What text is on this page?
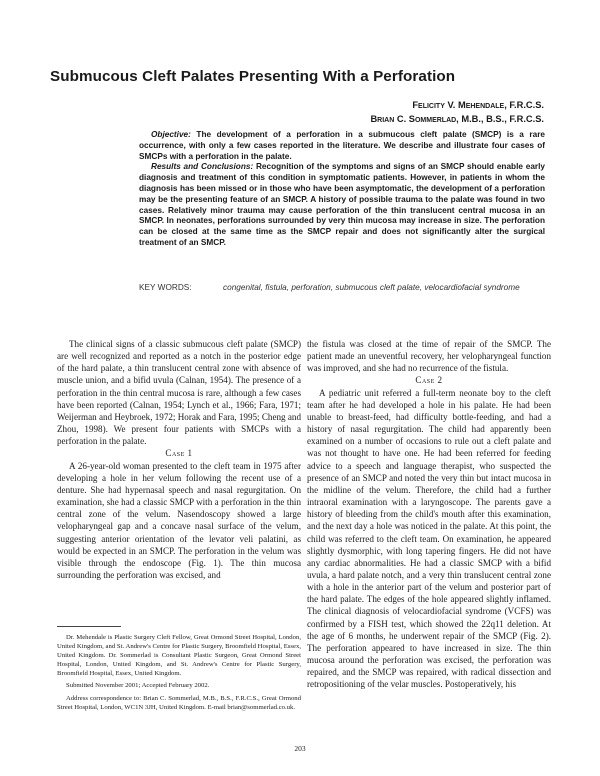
Submucous Cleft Palates Presenting With a Perforation
Felicity V. Mehendale, F.R.C.S.
Brian C. Sommerlad, M.B., B.S., F.R.C.S.

Objective: The development of a perforation in a submucous cleft palate (SMCP) is a rare occurrence, with only a few cases reported in the literature. We describe and illustrate four cases of SMCPs with a perforation in the palate.

Results and Conclusions: Recognition of the symptoms and signs of an SMCP should enable early diagnosis and treatment of this condition in symptomatic patients. However, in patients in whom the diagnosis has been missed or in those who have been asymptomatic, the development of a perforation may be the presenting feature of an SMCP. A history of possible trauma to the palate was found in two cases. Relatively minor trauma may cause perforation of the thin translucent central mucosa in an SMCP. In neonates, perforations surrounded by very thin mucosa may increase in size. The perforation can be closed at the same time as the SMCP repair and does not significantly alter the surgical treatment of an SMCP.

KEY WORDS:	congenital, fistula, perforation, submucous cleft palate, velocardiofacial syndrome

The clinical signs of a classic submucous cleft palate (SMCP) are well recognized and reported as a notch in the posterior edge of the hard palate, a thin translucent central zone with absence of muscle union, and a bifid uvula (Calnan, 1954). The presence of a perforation in the thin central mucosa is rare, although a few cases have been reported (Calnan, 1954; Lynch et al., 1966; Fara, 1971; Weijerman and Heybroek, 1972; Horak and Fara, 1995; Cheng and Zhou, 1998). We present four patients with SMCPs with a perforation in the palate.

Case 1

A 26-year-old woman presented to the cleft team in 1975 after developing a hole in her velum following the recent use of a denture. She had hypernasal speech and nasal regurgitation. On examination, she had a classic SMCP with a perforation in the thin central zone of the velum. Nasendoscopy showed a large velopharyngeal gap and a concave nasal surface of the velum, suggesting anterior orientation of the levator veli palatini, as would be expected in an SMCP. The perforation in the velum was visible through the endoscope (Fig. 1). The thin mucosa surrounding the perforation was excised, and

Dr. Mehendale is Plastic Surgery Cleft Fellow, Great Ormond Street Hospital, London, United Kingdom, and St. Andrew's Centre for Plastic Surgery, Broomfield Hospital, Essex, United Kingdom. Dr. Sommerlad is Consultant Plastic Surgeon, Great Ormond Street Hospital, London, United Kingdom, and St. Andrew's Centre for Plastic Surgery, Broomfield Hospital, Essex, United Kingdom.

Submitted November 2001; Accepted February 2002.

Address correspondence to: Brian C. Sommerlad, M.B., B.S., F.R.C.S., Great Ormond Street Hospital, London, WC1N 3JH, United Kingdom. E-mail brian@sommerlad.co.uk.

the fistula was closed at the time of repair of the SMCP. The patient made an uneventful recovery, her velopharyngeal function was improved, and she had no recurrence of the fistula.

Case 2

A pediatric unit referred a full-term neonate boy to the cleft team after he had developed a hole in his palate. He had been unable to breast-feed, had difficulty bottle-feeding, and had a history of nasal regurgitation. The child had apparently been examined on a number of occasions to rule out a cleft palate and was not thought to have one. He had been referred for feeding advice to a speech and language therapist, who suspected the presence of an SMCP and noted the very thin but intact mucosa in the midline of the velum. Therefore, the child had a further intraoral examination with a laryngoscope. The parents gave a history of bleeding from the child's mouth after this examination, and the next day a hole was noticed in the palate. At this point, the child was referred to the cleft team. On examination, he appeared slightly dysmorphic, with long tapering fingers. He did not have any cardiac abnormalities. He had a classic SMCP with a bifid uvula, a hard palate notch, and a very thin translucent central zone with a hole in the anterior part of the velum and posterior part of the hard palate. The edges of the hole appeared slightly inflamed. The clinical diagnosis of velocardiofacial syndrome (VCFS) was confirmed by a FISH test, which showed the 22q11 deletion. At the age of 6 months, he underwent repair of the SMCP (Fig. 2). The perforation appeared to have increased in size. The thin mucosa around the perforation was excised, the perforation was repaired, and the SMCP was repaired, with radical dissection and retropositioning of the velar muscles. Postoperatively, his

203
